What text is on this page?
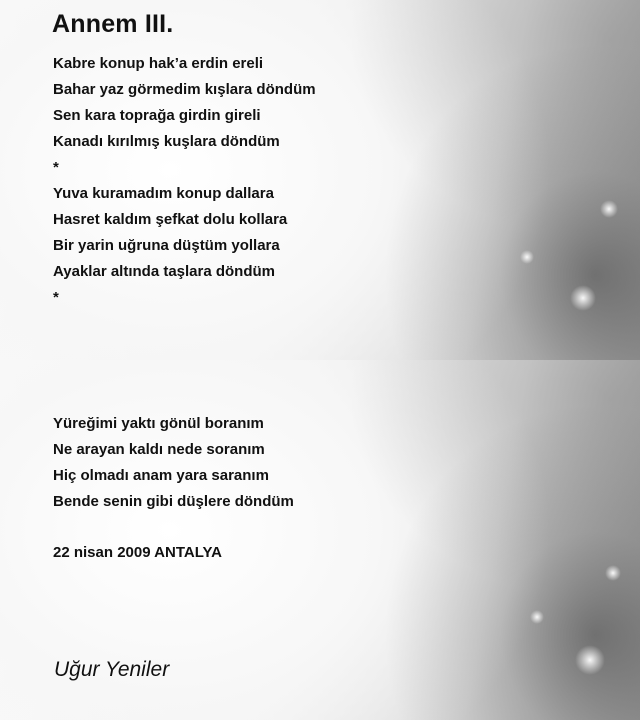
Annem III.
Kabre konup hak’a erdin ereli
Bahar yaz görmedim kışlara döndüm
Sen kara toprağa girdin gireli
Kanadı kırılmış kuşlara döndüm
*
Yuva kuramadım konup dallara
Hasret kaldım şefkat dolu kollara
Bir yarin uğruna düştüm yollara
Ayaklar altında taşlara döndüm
*
Yüreğimi yaktı gönül boranım
Ne arayan kaldı nede soranım
Hiç olmadı anam yara saranım
Bende senin gibi düşlere döndüm

22 nisan 2009 ANTALYA

Uğur Yeniler
